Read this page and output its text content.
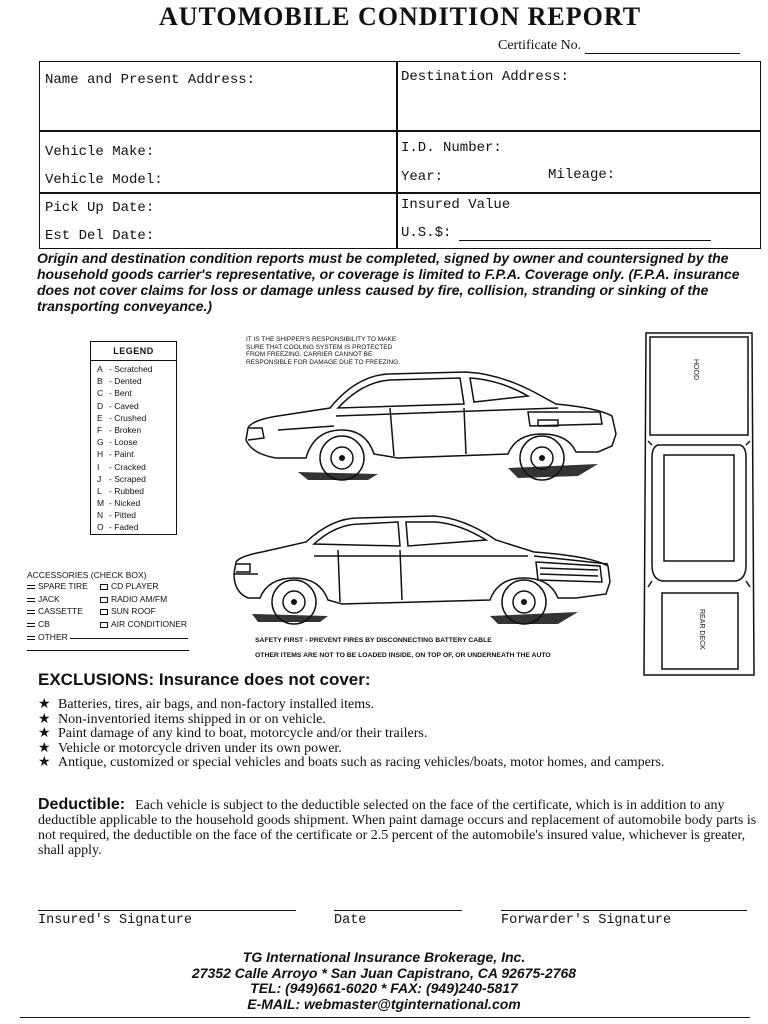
AUTOMOBILE CONDITION REPORT
Certificate No.
Name and Present Address:	Destination Address:
Vehicle Make:
Vehicle Model:
I.D. Number:
Year:	Mileage:
Pick Up Date:
Est Del Date:
Insured Value
U.S.$:
Origin and destination condition reports must be completed, signed by owner and countersigned by the household goods carrier's representative, or coverage is limited to F.P.A. Coverage only. (F.P.A. insurance does not cover claims for loss or damage unless caused by fire, collision, stranding or sinking of the transporting conveyance.)
LEGEND
A - Scratched
B - Dented
C - Bent
D - Caved
E - Crushed
F - Broken
G - Loose
H - Paint
I - Cracked
J - Scraped
L - Rubbed
M - Nicked
N - Pitted
O - Faded
IT IS THE SHIPPER'S RESPONSIBILITY TO MAKE SURE THAT COOLING SYSTEM IS PROTECTED FROM FREEZING. CARRIER CANNOT BE RESPONSIBLE FOR DAMAGE DUE TO FREEZING.	HOOD
REAR DECK
ACCESSORIES (CHECK BOX)
SPARE TIRE
JACK
CASSETTE
CB
OTHER
CD PLAYER
RADIO AM/FM
SUN ROOF
AIR CONDITIONER
SAFETY FIRST - PREVENT FIRES BY DISCONNECTING BATTERY CABLE
OTHER ITEMS ARE NOT TO BE LOADED INSIDE, ON TOP OF, OR UNDERNEATH THE AUTO
EXCLUSIONS: Insurance does not cover:
★ Batteries, tires, air bags, and non-factory installed items.
★ Non-inventoried items shipped in or on vehicle.
★ Paint damage of any kind to boat, motorcycle and/or their trailers.
★ Vehicle or motorcycle driven under its own power.
★ Antique, customized or special vehicles and boats such as racing vehicles/boats, motor homes, and campers.
Deductible: Each vehicle is subject to the deductible selected on the face of the certificate, which is in addition to any deductible applicable to the household goods shipment. When paint damage occurs and replacement of automobile body parts is not required, the deductible on the face of the certificate or 2.5 percent of the automobile's insured value, whichever is greater, shall apply.
Insured's Signature	Date	Forwarder's Signature
TG International Insurance Brokerage, Inc.
27352 Calle Arroyo * San Juan Capistrano, CA 92675-2768
TEL: (949)661-6020 * FAX: (949)240-5817
E-MAIL: webmaster@tginternational.com
